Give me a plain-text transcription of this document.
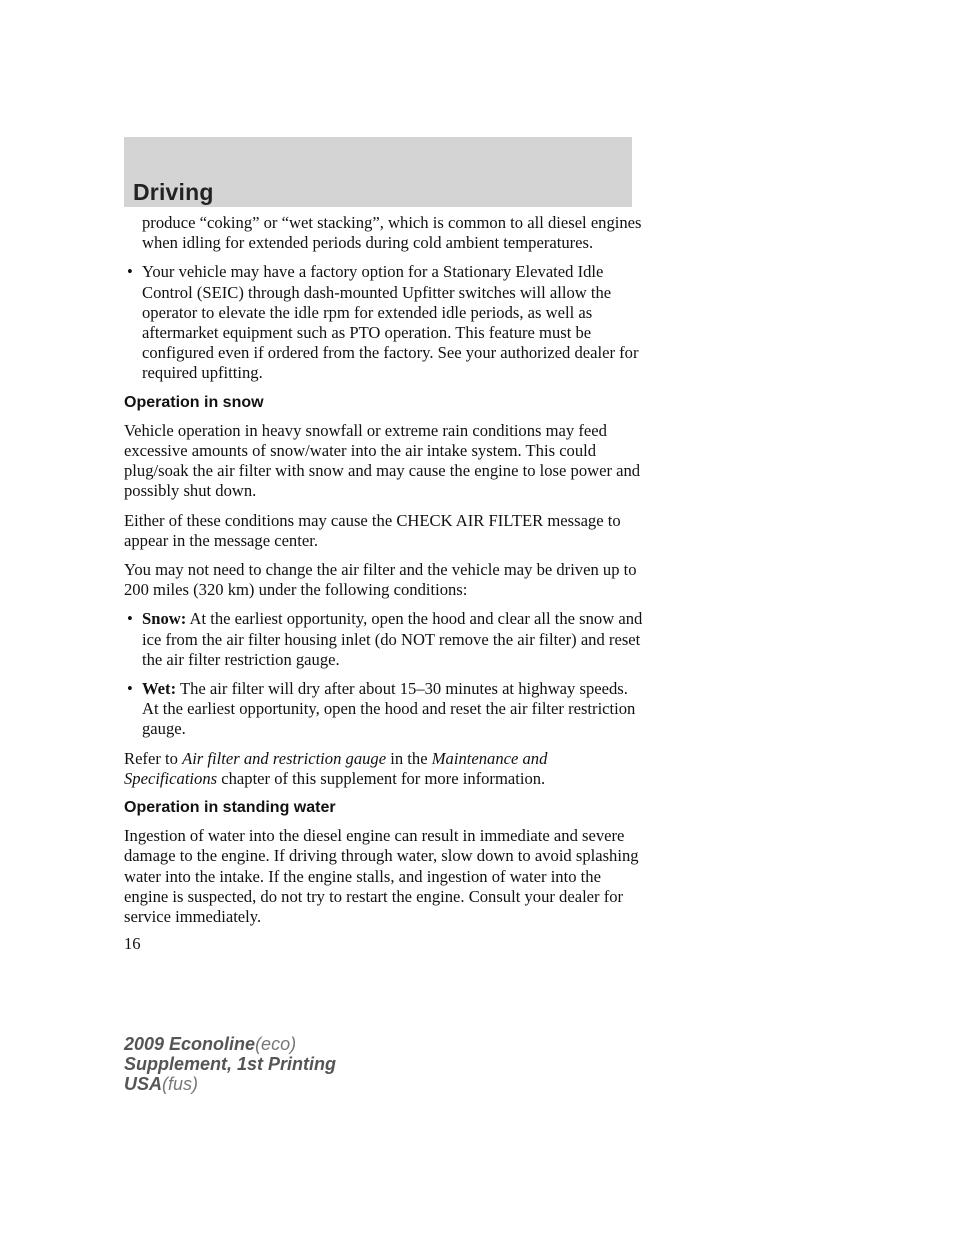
Driving

produce “coking” or “wet stacking”, which is common to all diesel engines when idling for extended periods during cold ambient temperatures.

• Your vehicle may have a factory option for a Stationary Elevated Idle Control (SEIC) through dash-mounted Upfitter switches will allow the operator to elevate the idle rpm for extended idle periods, as well as aftermarket equipment such as PTO operation. This feature must be configured even if ordered from the factory. See your authorized dealer for required upfitting.
Operation in snow

Vehicle operation in heavy snowfall or extreme rain conditions may feed excessive amounts of snow/water into the air intake system. This could plug/soak the air filter with snow and may cause the engine to lose power and possibly shut down.

Either of these conditions may cause the CHECK AIR FILTER message to appear in the message center.

You may not need to change the air filter and the vehicle may be driven up to 200 miles (320 km) under the following conditions:

• Snow: At the earliest opportunity, open the hood and clear all the snow and ice from the air filter housing inlet (do NOT remove the air filter) and reset the air filter restriction gauge.
• Wet: The air filter will dry after about 15–30 minutes at highway speeds. At the earliest opportunity, open the hood and reset the air filter restriction gauge.

Refer to Air filter and restriction gauge in the Maintenance and Specifications chapter of this supplement for more information.

Operation in standing water

Ingestion of water into the diesel engine can result in immediate and severe damage to the engine. If driving through water, slow down to avoid splashing water into the intake. If the engine stalls, and ingestion of water into the engine is suspected, do not try to restart the engine. Consult your dealer for service immediately.

16
2009 Econoline(eco)
Supplement, 1st Printing
USA(fus)
